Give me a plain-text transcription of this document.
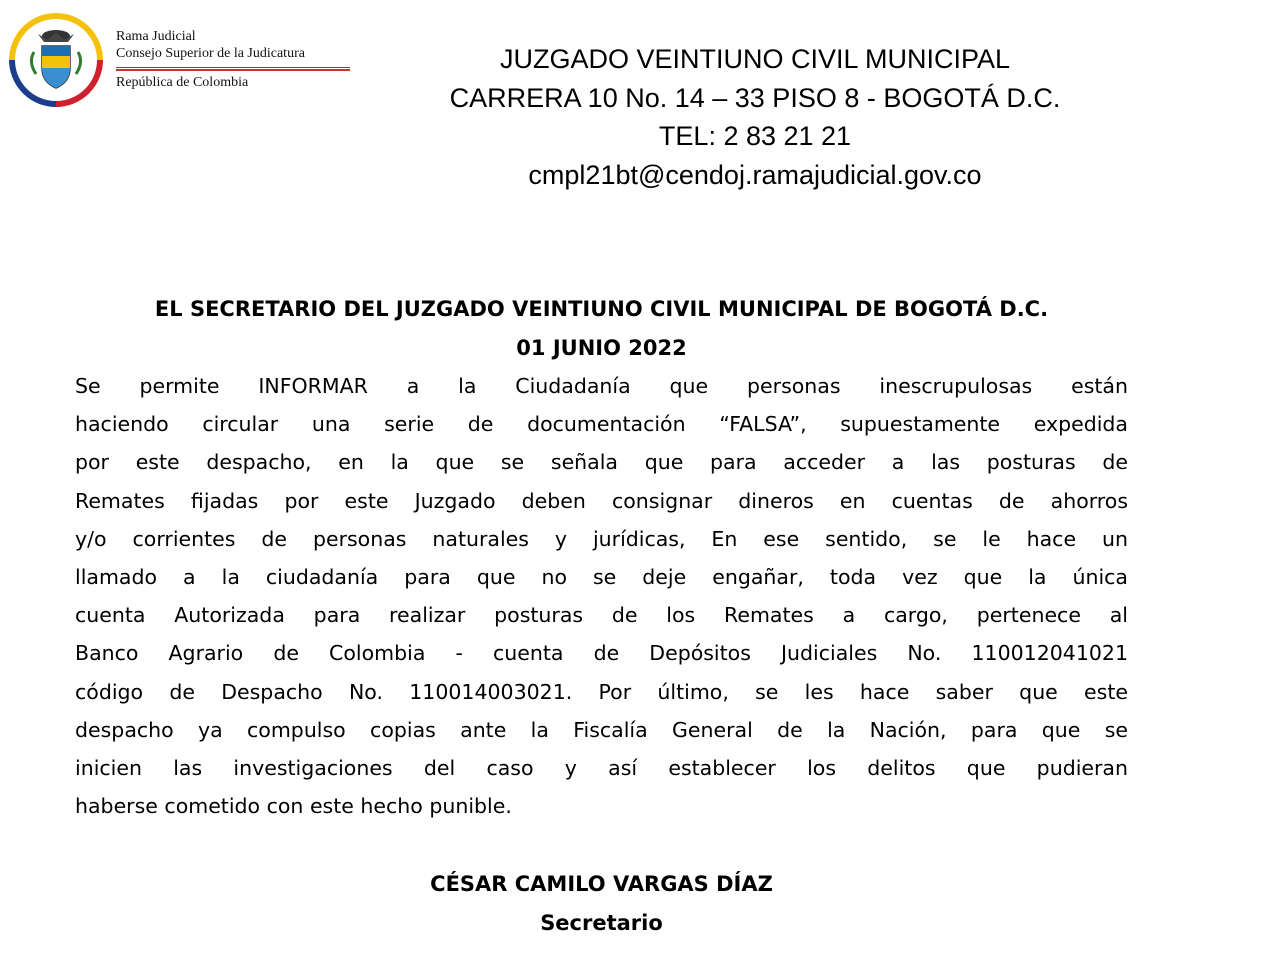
Rama Judicial
Consejo Superior de la Judicatura
República de Colombia
JUZGADO VEINTIUNO CIVIL MUNICIPAL
CARRERA 10 No. 14 – 33 PISO 8 - BOGOTÁ D.C.
TEL: 2 83 21 21
cmpl21bt@cendoj.ramajudicial.gov.co
EL SECRETARIO DEL JUZGADO VEINTIUNO CIVIL MUNICIPAL DE BOGOTÁ D.C.
01 JUNIO 2022
Se permite INFORMAR a la Ciudadanía que personas inescrupulosas están
haciendo circular una serie de documentación “FALSA”, supuestamente expedida
por este despacho, en la que se señala que para acceder a las posturas de
Remates fijadas por este Juzgado deben consignar dineros en cuentas de ahorros
y/o corrientes de personas naturales y jurídicas, En ese sentido, se le hace un
llamado a la ciudadanía para que no se deje engañar, toda vez que la única
cuenta Autorizada para realizar posturas de los Remates a cargo, pertenece al
Banco Agrario de Colombia - cuenta de Depósitos Judiciales No. 110012041021
código de Despacho No. 110014003021. Por último, se les hace saber que este
despacho ya compulso copias ante la Fiscalía General de la Nación, para que se
inicien las investigaciones del caso y así establecer los delitos que pudieran
haberse cometido con este hecho punible.
CÉSAR CAMILO VARGAS DÍAZ
Secretario
